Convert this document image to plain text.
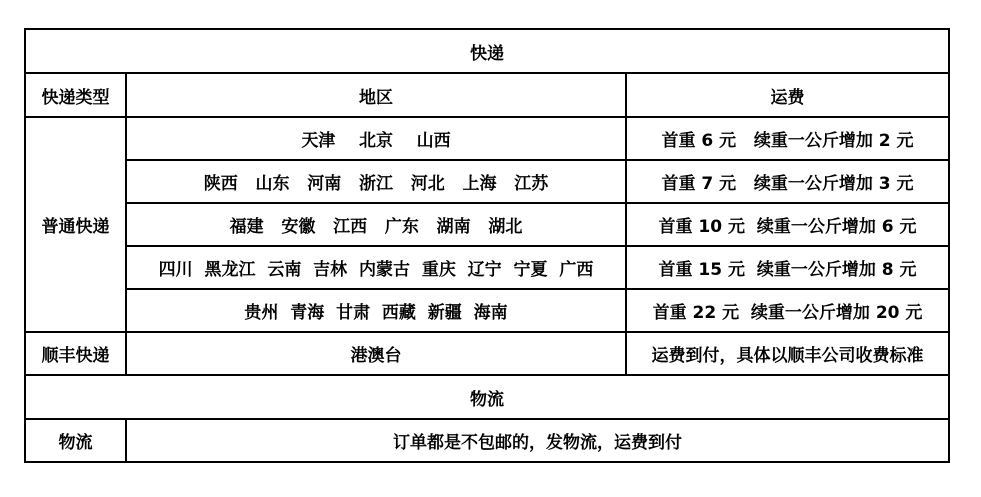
快递		
快递类型	地区	运费
普通快递	天津    北京    山西	首重 6 元   续重一公斤增加 2 元
	陕西   山东   河南   浙江   河北   上海   江苏	首重 7 元   续重一公斤增加 3 元
	福建   安徽   江西   广东   湖南   湖北	首重 10 元  续重一公斤增加 6 元
	四川  黑龙江  云南  吉林  内蒙古  重庆  辽宁  宁夏  广西	首重 15 元  续重一公斤增加 8 元
	贵州  青海  甘肃  西藏  新疆  海南	首重 22 元  续重一公斤增加 20 元
顺丰快递	港澳台	运费到付，具体以顺丰公司收费标准
物流		
物流	订单都是不包邮的，发物流，运费到付	
